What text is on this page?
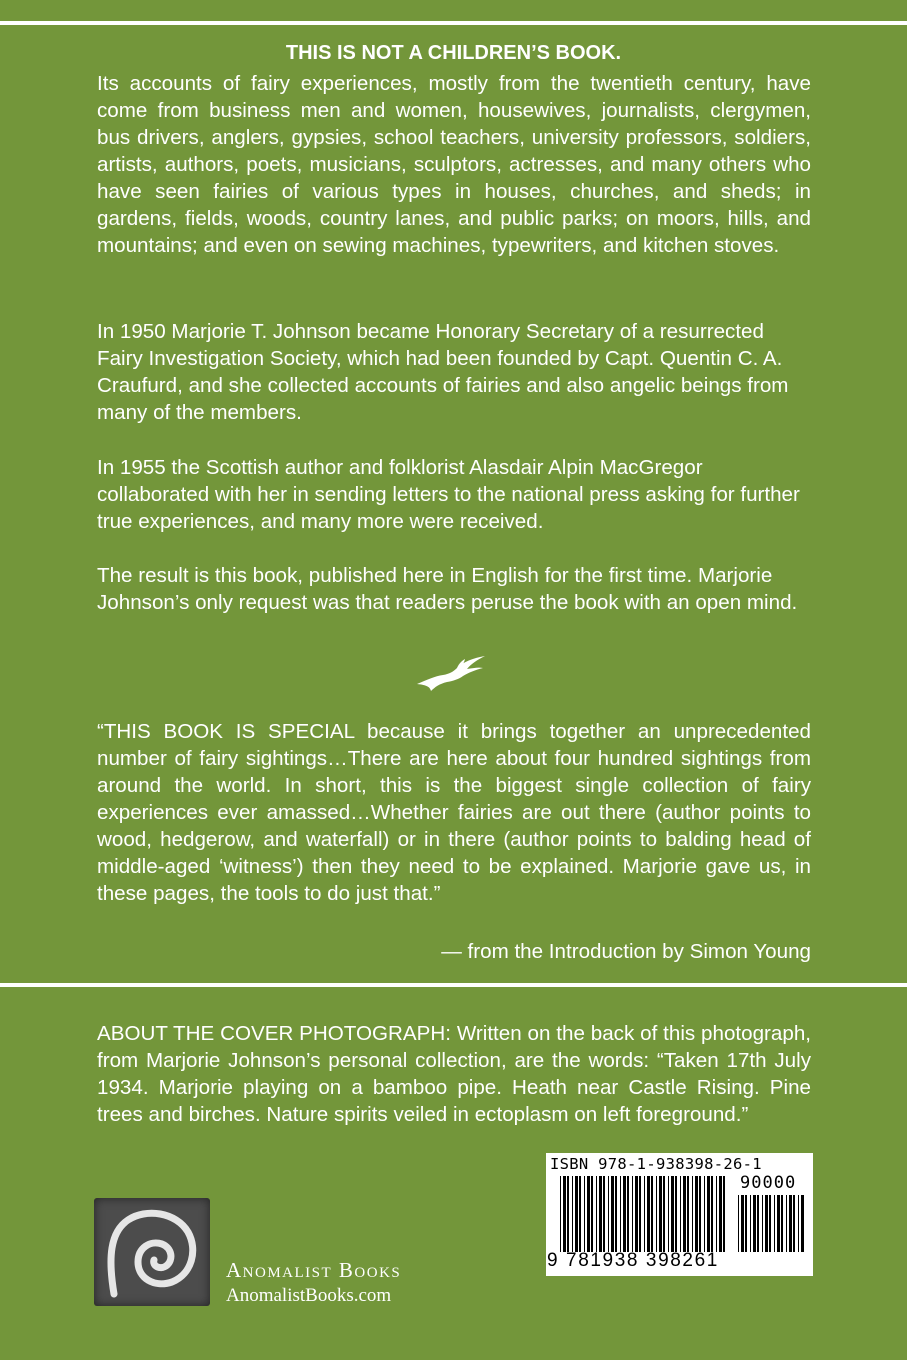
THIS IS NOT A CHILDREN’S BOOK.

Its accounts of fairy experiences, mostly from the twentieth century, have come from business men and women, housewives, journalists, clergymen, bus drivers, anglers, gypsies, school teachers, university professors, soldiers, artists, authors, poets, musicians, sculptors, actresses, and many others who have seen fairies of various types in houses, churches, and sheds; in gardens, fields, woods, country lanes, and public parks; on moors, hills, and mountains; and even on sewing machines, typewriters, and kitchen stoves.

In 1950 Marjorie T. Johnson became Honorary Secretary of a resurrected Fairy Investigation Society, which had been founded by Capt. Quentin C. A. Craufurd, and she collected accounts of fairies and also angelic beings from many of the members.

In 1955 the Scottish author and folklorist Alasdair Alpin MacGregor collaborated with her in sending letters to the national press asking for further true experiences, and many more were received.

The result is this book, published here in English for the first time. Marjorie Johnson’s only request was that readers peruse the book with an open mind.

“THIS BOOK IS SPECIAL because it brings together an unprecedented number of fairy sightings…There are here about four hundred sightings from around the world. In short, this is the biggest single collection of fairy experiences ever amassed…Whether fairies are out there (author points to wood, hedgerow, and waterfall) or in there (author points to balding head of middle-aged ‘witness’) then they need to be explained. Marjorie gave us, in these pages, the tools to do just that.”

— from the Introduction by Simon Young

ABOUT THE COVER PHOTOGRAPH: Written on the back of this photograph, from Marjorie Johnson’s personal collection, are the words: “Taken 17th July 1934. Marjorie playing on a bamboo pipe. Heath near Castle Rising. Pine trees and birches. Nature spirits veiled in ectoplasm on left foreground.”

Anomalist Books
AnomalistBooks.com
ISBN 978-1-938398-26-1
90000
9 781938 398261
